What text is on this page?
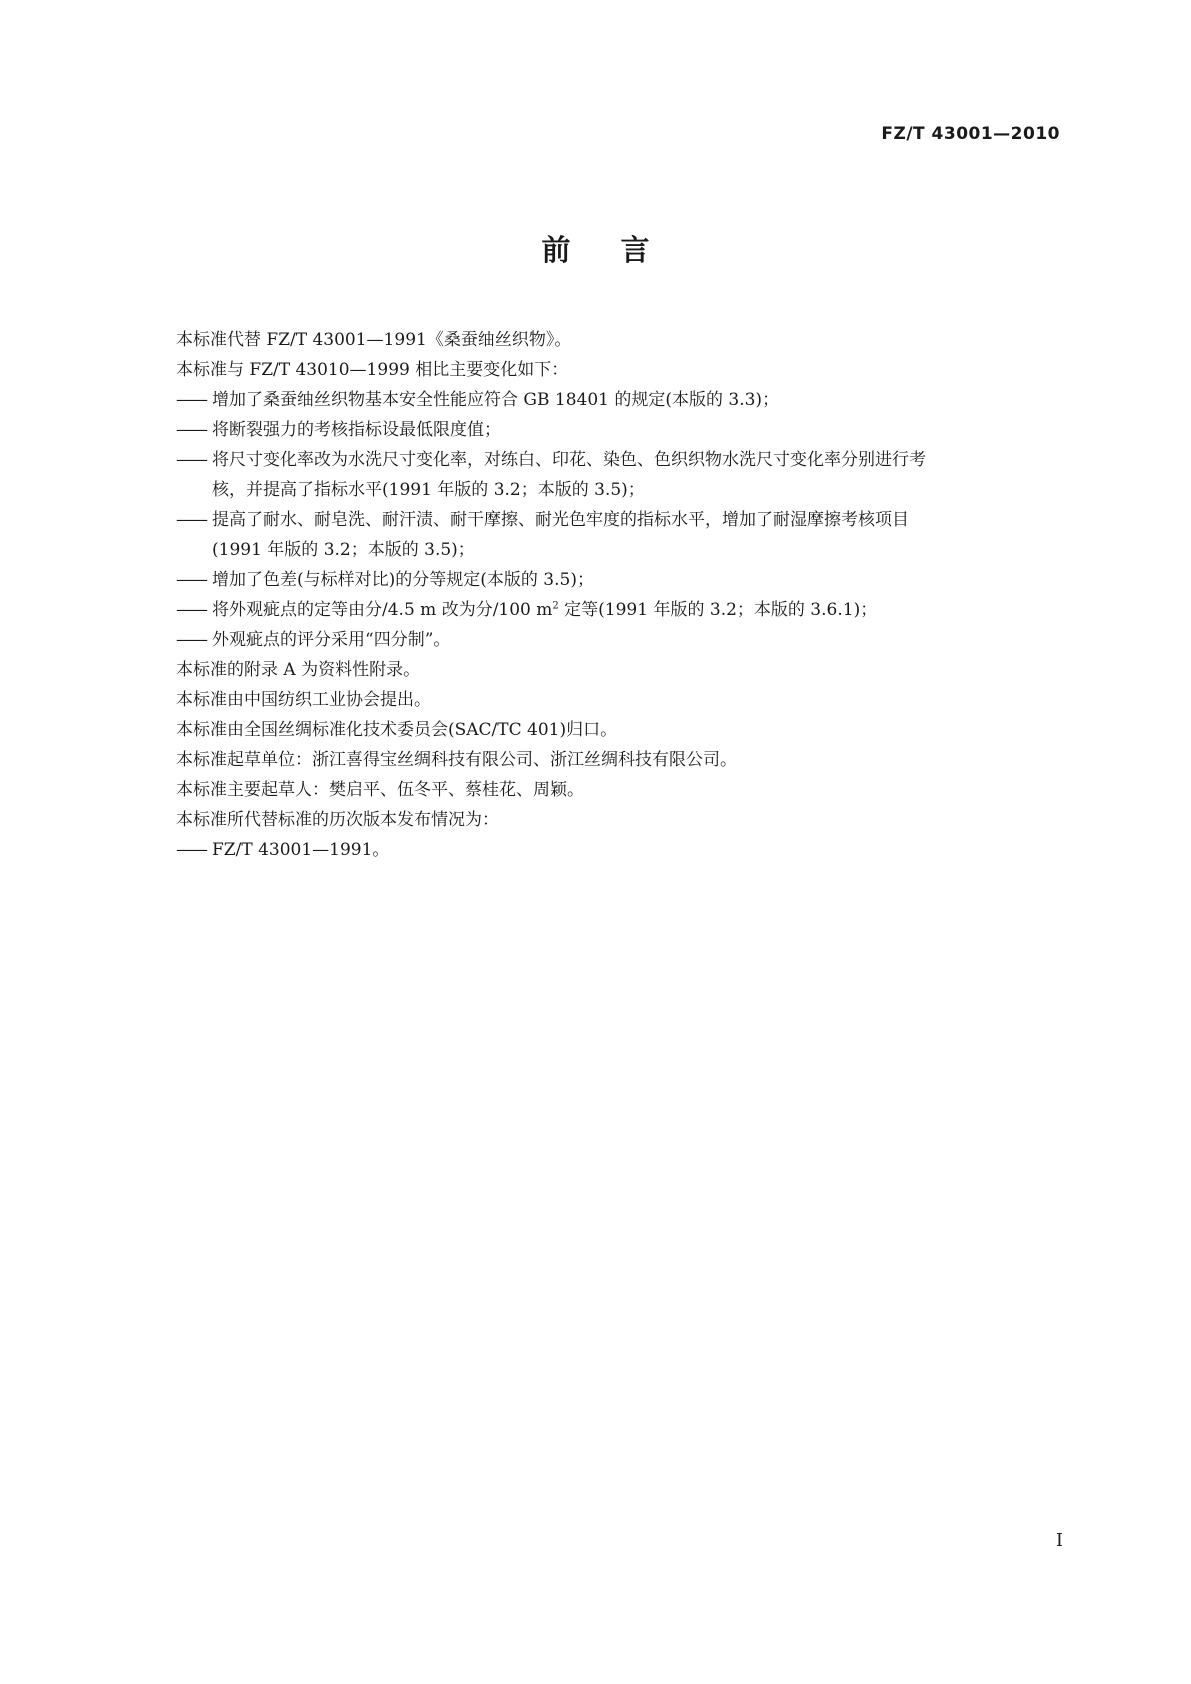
FZ/T 43001—2010
前言
本标准代替 FZ/T 43001—1991《桑蚕䌷丝织物》。
本标准与 FZ/T 43010—1999 相比主要变化如下：
—— 增加了桑蚕䌷丝织物基本安全性能应符合 GB 18401 的规定(本版的 3.3)；
—— 将断裂强力的考核指标设最低限度值；
—— 将尺寸变化率改为水洗尺寸变化率，对练白、印花、染色、色织织物水洗尺寸变化率分别进行考
核，并提高了指标水平(1991 年版的 3.2；本版的 3.5)；
—— 提高了耐水、耐皂洗、耐汗渍、耐干摩擦、耐光色牢度的指标水平，增加了耐湿摩擦考核项目
(1991 年版的 3.2；本版的 3.5)；
—— 增加了色差(与标样对比)的分等规定(本版的 3.5)；
—— 将外观疵点的定等由分/4.5 m 改为分/100 $m^2$ 定等(1991 年版的 3.2；本版的 3.6.1)；
—— 外观疵点的评分采用“四分制”。
本标准的附录 A 为资料性附录。
本标准由中国纺织工业协会提出。
本标准由全国丝绸标准化技术委员会(SAC/TC 401)归口。
本标准起草单位：浙江喜得宝丝绸科技有限公司、浙江丝绸科技有限公司。
本标准主要起草人：樊启平、伍冬平、蔡桂花、周颖。
本标准所代替标准的历次版本发布情况为：
—— FZ/T 43001—1991。
I
